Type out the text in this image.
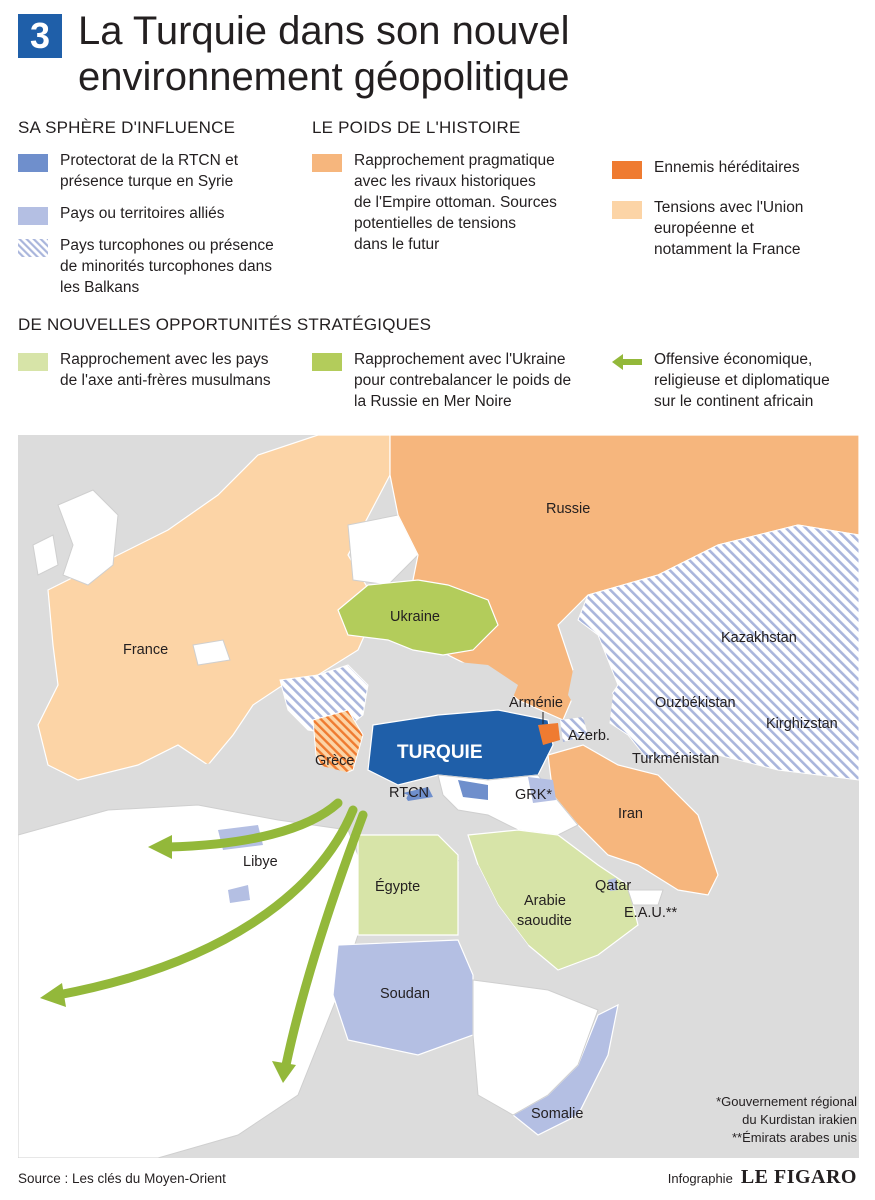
3 La Turquie dans son nouvel
environnement géopolitique
SA SPHÈRE D'INFLUENCE
Protectorat de la RTCN et
présence turque en Syrie
Pays ou territoires alliés
Pays turcophones ou présence
de minorités turcophones dans
les Balkans
LE POIDS DE L'HISTOIRE
Rapprochement pragmatique
avec les rivaux historiques
de l'Empire ottoman. Sources
potentielles de tensions
dans le futur
Ennemis héréditaires
Tensions avec l'Union
européenne et
notamment la France
DE NOUVELLES OPPORTUNITÉS STRATÉGIQUES
Rapprochement avec les pays
de l'axe anti-frères musulmans
Rapprochement avec l'Ukraine
pour contrebalancer le poids de
la Russie en Mer Noire
Offensive économique,
religieuse et diplomatique
sur le continent africain
Russie
Kazakhstan
Ukraine
France
Arménie
Azerb.
Ouzbékistan
Kirghizstan
Turkménistan
TURQUIE
Grèce
RTCN	GRK*
Iran
Libye
Égypte	Qatar
Arabie
saoudite	E.A.U.**
Soudan
Somalie
*Gouvernement régional
du Kurdistan irakien
**Émirats arabes unis
Source : Les clés du Moyen-Orient	Infographie LE FIGARO
